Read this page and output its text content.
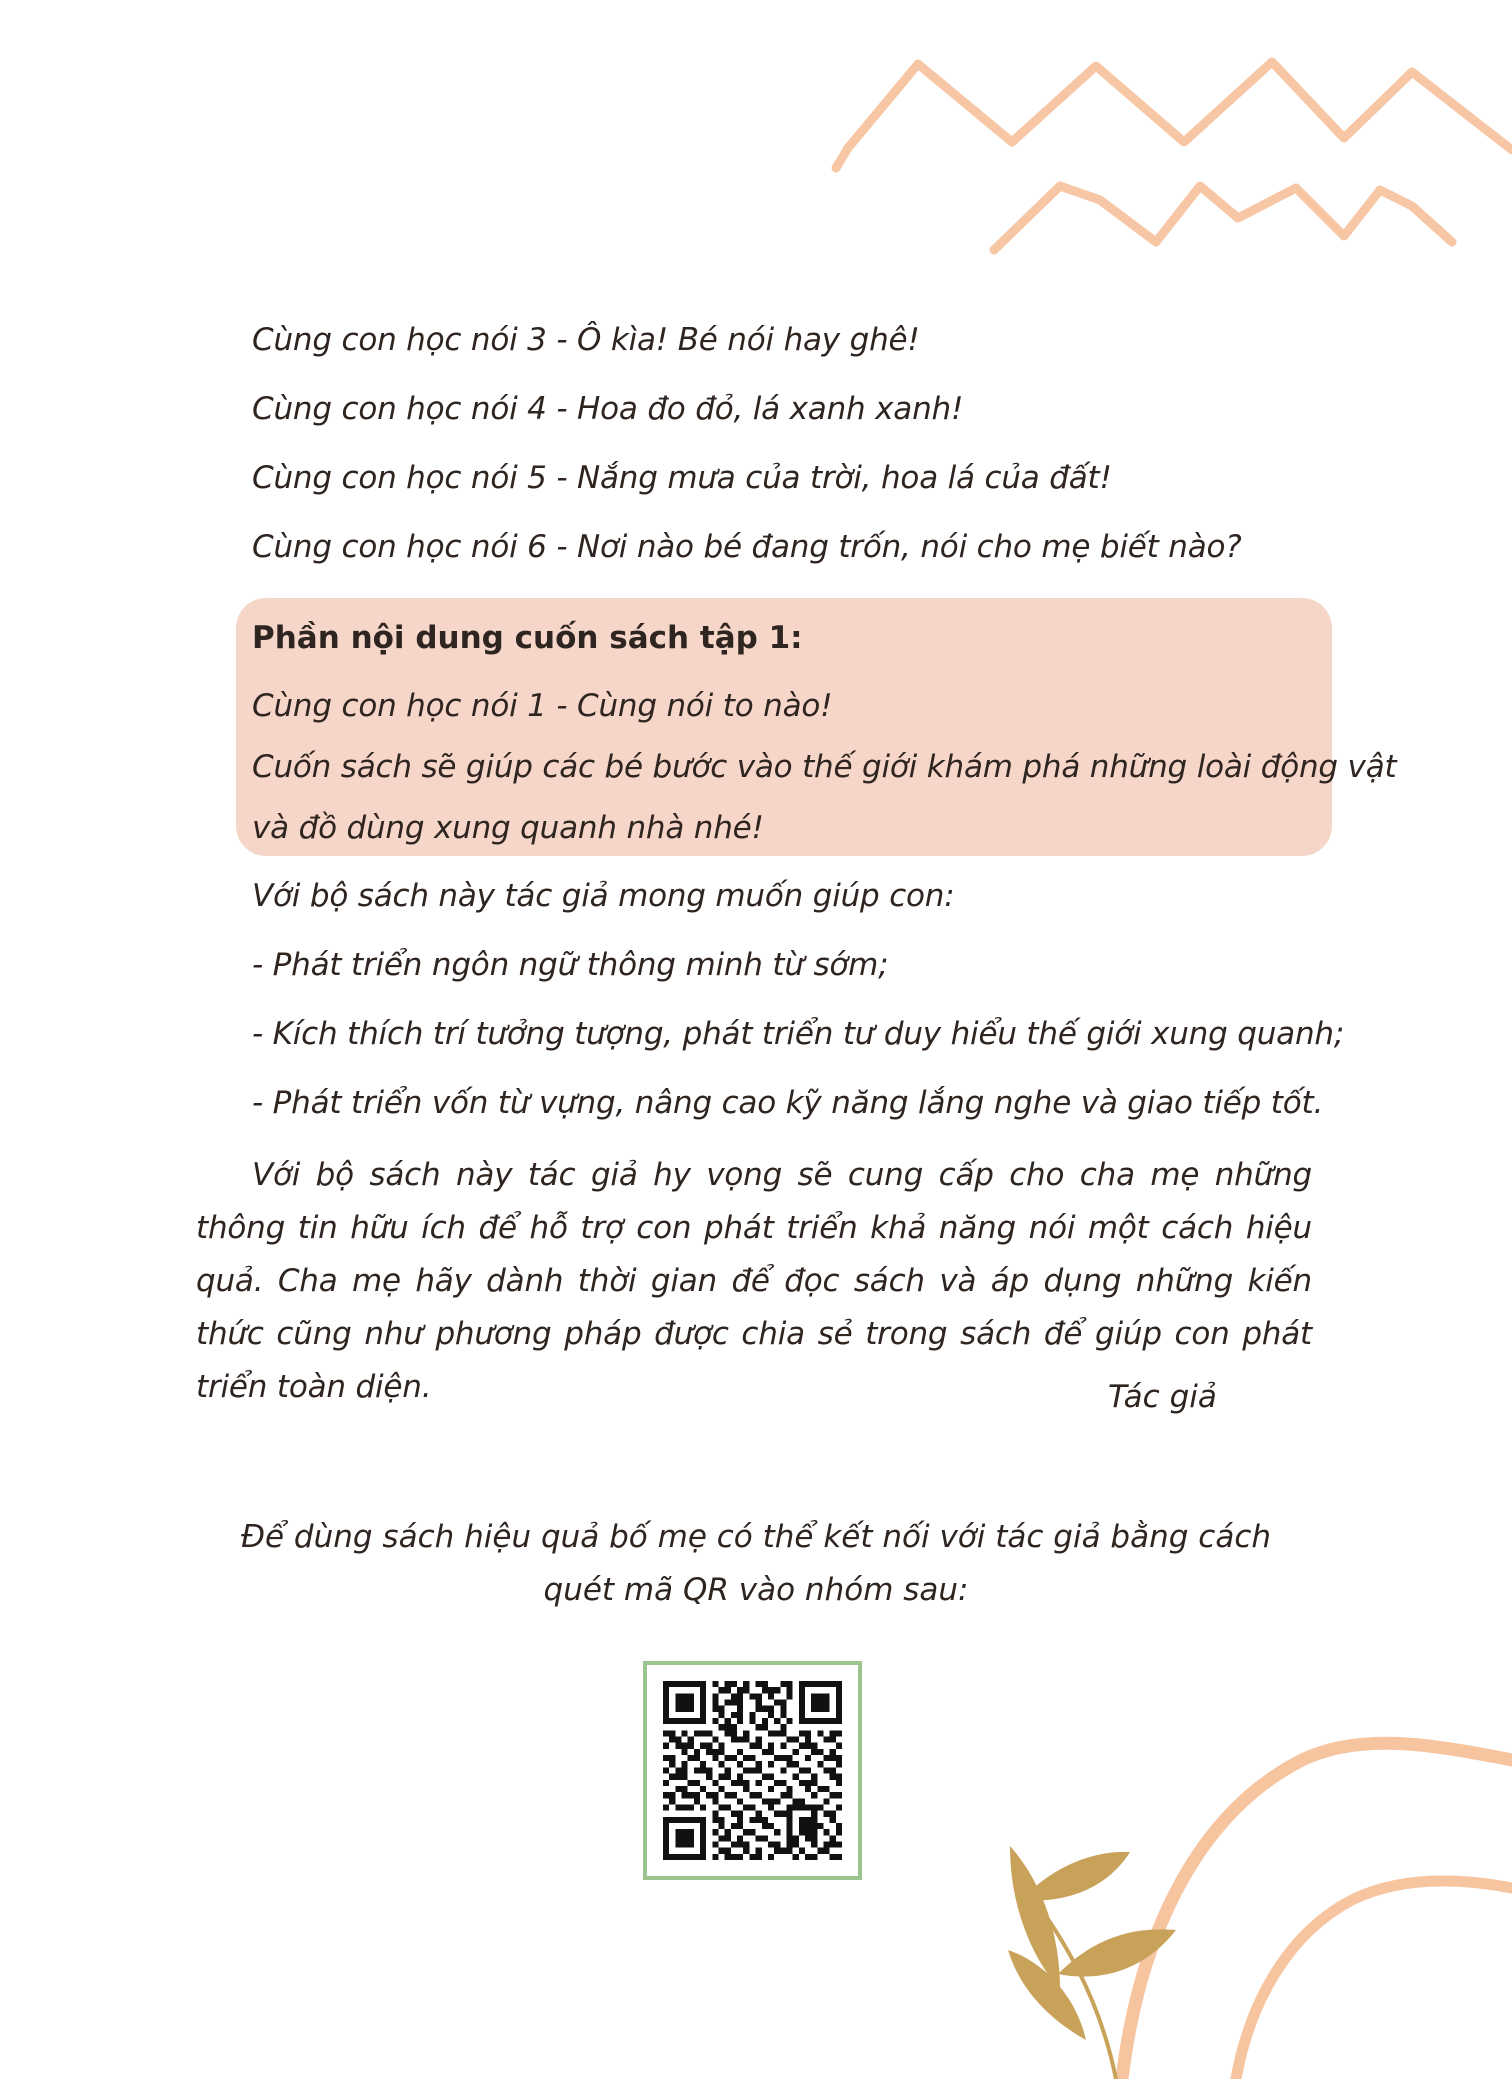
Cùng con học nói 3 - Ô kìa! Bé nói hay ghê!
Cùng con học nói 4 - Hoa đo đỏ, lá xanh xanh!
Cùng con học nói 5 - Nắng mưa của trời, hoa lá của đất!
Cùng con học nói 6 - Nơi nào bé đang trốn, nói cho mẹ biết nào?
Phần nội dung cuốn sách tập 1:
Cùng con học nói 1 - Cùng nói to nào!
Cuốn sách sẽ giúp các bé bước vào thế giới khám phá những loài động vật
và đồ dùng xung quanh nhà nhé!
Với bộ sách này tác giả mong muốn giúp con:
- Phát triển ngôn ngữ thông minh từ sớm;
- Kích thích trí tưởng tượng, phát triển tư duy hiểu thế giới xung quanh;
- Phát triển vốn từ vựng, nâng cao kỹ năng lắng nghe và giao tiếp tốt.
Với bộ sách này tác giả hy vọng sẽ cung cấp cho cha mẹ những thông tin hữu ích để hỗ trợ con phát triển khả năng nói một cách hiệu quả. Cha mẹ hãy dành thời gian để đọc sách và áp dụng những kiến thức cũng như phương pháp được chia sẻ trong sách để giúp con phát triển toàn diện.	Tác giả
Để dùng sách hiệu quả bố mẹ có thể kết nối với tác giả bằng cách
quét mã QR vào nhóm sau:
